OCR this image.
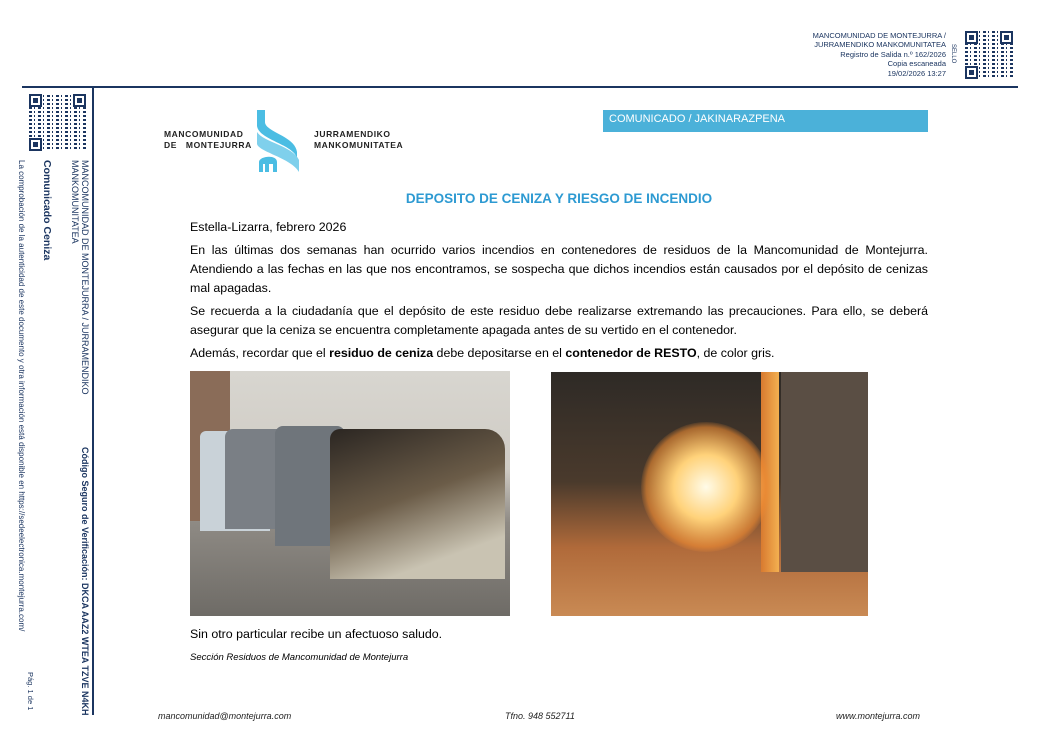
MANCOMUNIDAD DE MONTEJURRA /
JURRAMENDIKO MANKOMUNITATEA
Registro de Salida n.º 162/2026
Copia escaneada
19/02/2026 13:27
SELLO
MANCOMUNIDAD DE MONTEJURRA / JURRAMENDIKO
MANKOMUNITATEA
Código Seguro de Verificación: DKCA AAZ2 WTEA TZVE N4KH
Comunicado Ceniza
La comprobación de la autenticidad de este documento y otra información está disponible en https://sedeelectronica.montejurra.com/
Pág. 1 de 1
MANCOMUNIDAD
DE   MONTEJURRA
JURRAMENDIKO
MANKOMUNITATEA
COMUNICADO / JAKINARAZPENA
DEPOSITO DE CENIZA Y RIESGO DE INCENDIO
Estella-Lizarra, febrero 2026
En las últimas dos semanas han ocurrido varios incendios en contenedores de residuos de la Mancomunidad de Montejurra. Atendiendo a las fechas en las que nos encontramos, se sospecha que dichos incendios están causados por el depósito de cenizas mal apagadas.
Se recuerda a la ciudadanía que el depósito de este residuo debe realizarse extremando las precauciones. Para ello, se deberá asegurar que la ceniza se encuentra completamente apagada antes de su vertido en el contenedor.
Además, recordar que el residuo de ceniza debe depositarse en el contenedor de RESTO, de color gris.
Sin otro particular recibe un afectuoso saludo.
Sección Residuos de Mancomunidad de Montejurra
mancomunidad@montejurra.com	Tfno. 948 552711	www.montejurra.com
